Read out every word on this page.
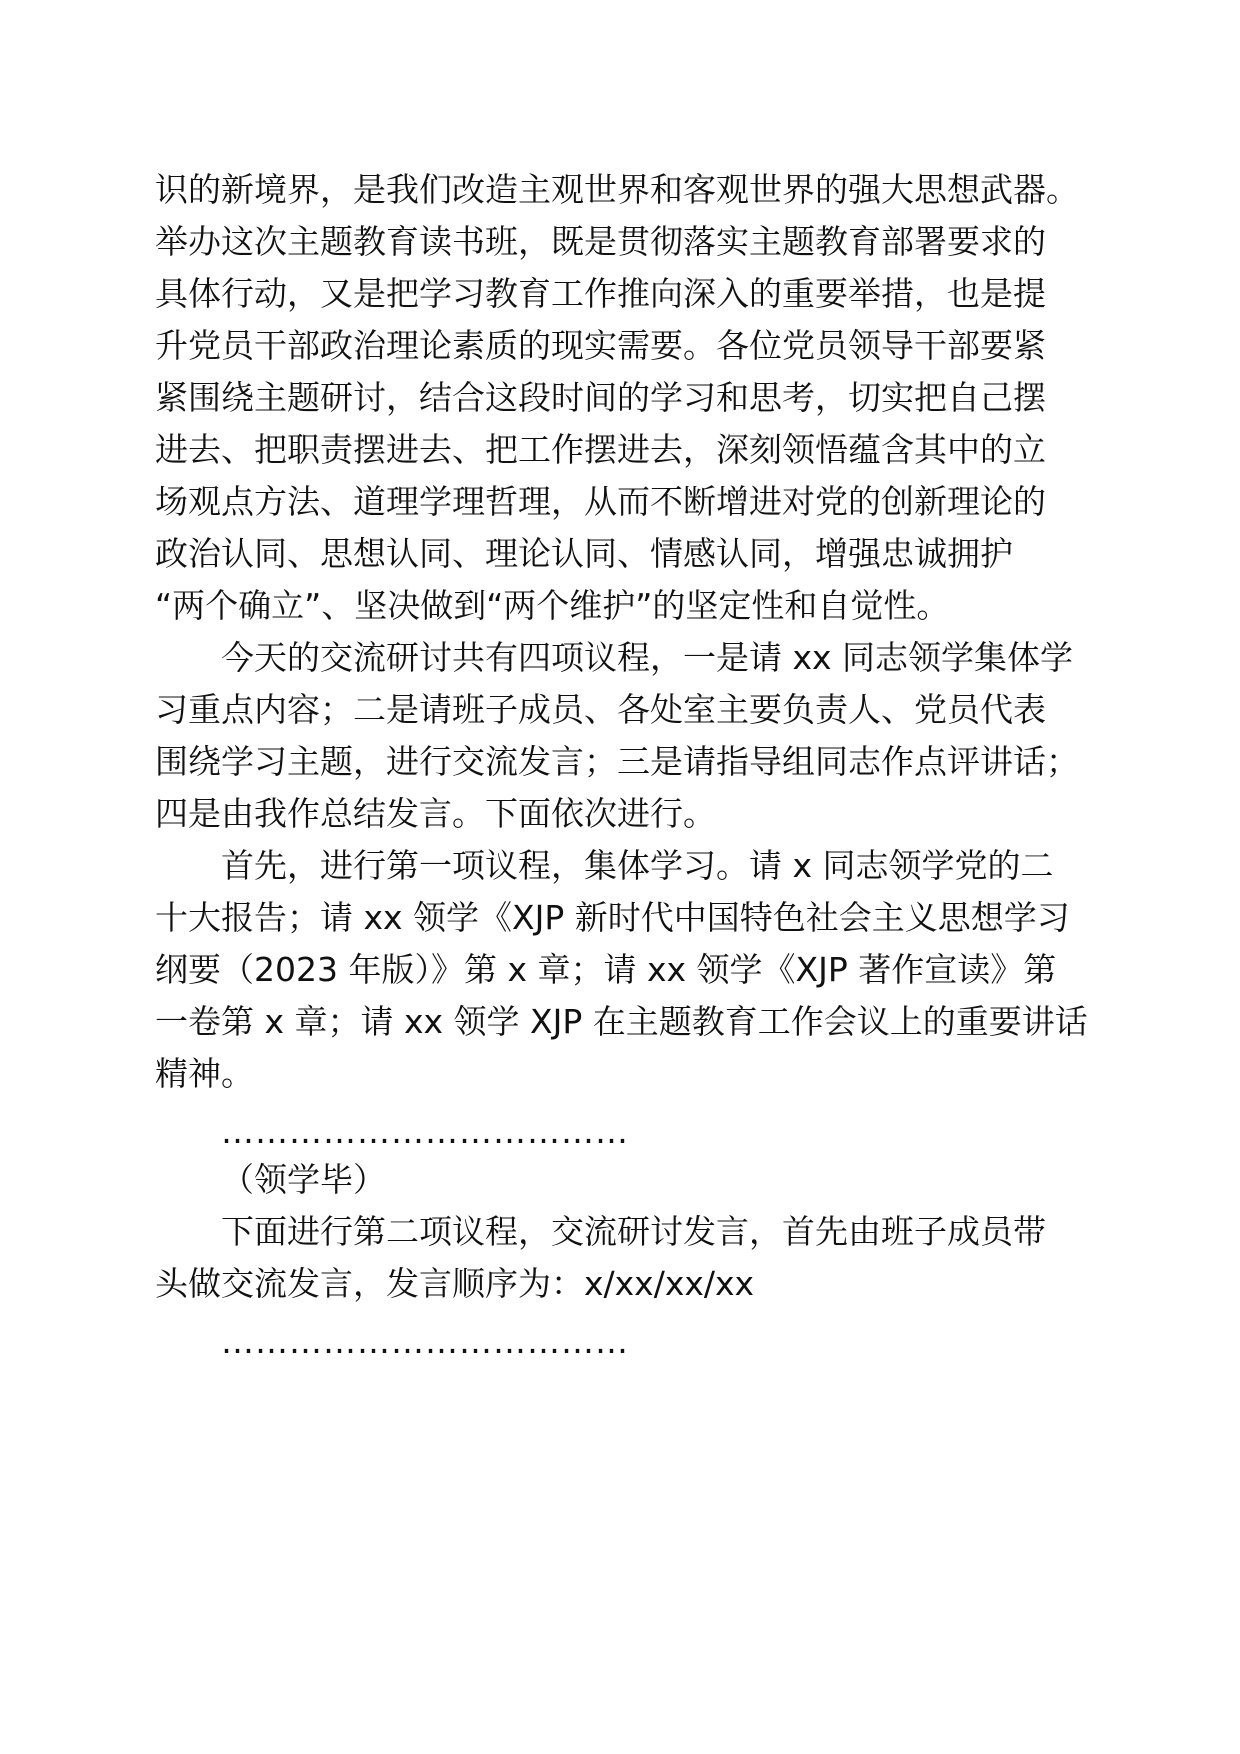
识的新境界，是我们改造主观世界和客观世界的强大思想武器。
举办这次主题教育读书班，既是贯彻落实主题教育部署要求的
具体行动，又是把学习教育工作推向深入的重要举措，也是提
升党员干部政治理论素质的现实需要。各位党员领导干部要紧
紧围绕主题研讨，结合这段时间的学习和思考，切实把自己摆
进去、把职责摆进去、把工作摆进去，深刻领悟蕴含其中的立
场观点方法、道理学理哲理，从而不断增进对党的创新理论的
政治认同、思想认同、理论认同、情感认同，增强忠诚拥护
“两个确立”、坚决做到“两个维护”的坚定性和自觉性。
今天的交流研讨共有四项议程，一是请 xx 同志领学集体学
习重点内容；二是请班子成员、各处室主要负责人、党员代表
围绕学习主题，进行交流发言；三是请指导组同志作点评讲话；
四是由我作总结发言。下面依次进行。
首先，进行第一项议程，集体学习。请 x 同志领学党的二
十大报告；请 xx 领学《XJP 新时代中国特色社会主义思想学习
纲要（2023 年版）》第 x 章；请 xx 领学《XJP 著作宣读》第
一卷第 x 章；请 xx 领学 XJP 在主题教育工作会议上的重要讲话
精神。
………………………………
（领学毕）
下面进行第二项议程，交流研讨发言，首先由班子成员带
头做交流发言，发言顺序为：x/xx/xx/xx
………………………………
